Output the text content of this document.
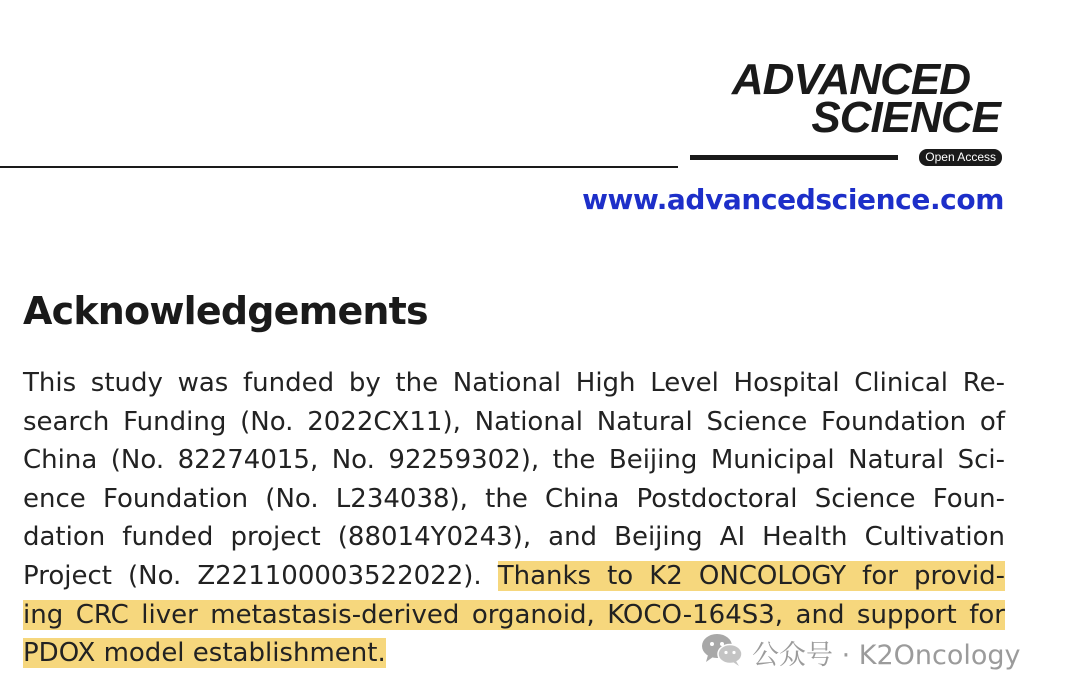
ADVANCED
SCIENCE
Open Access
www.advancedscience.com
Acknowledgements

This study was funded by the National High Level Hospital Clinical Re-
search Funding (No. 2022CX11), National Natural Science Foundation of
China (No. 82274015, No. 92259302), the Beijing Municipal Natural Sci-
ence Foundation (No. L234038), the China Postdoctoral Science Foun-
dation funded project (88014Y0243), and Beijing AI Health Cultivation
Project (No. Z221100003522022). Thanks to K2 ONCOLOGY for provid-
ing CRC liver metastasis-derived organoid, KOCO-164S3, and support for
PDOX model establishment.	公众号 · K2Oncology
